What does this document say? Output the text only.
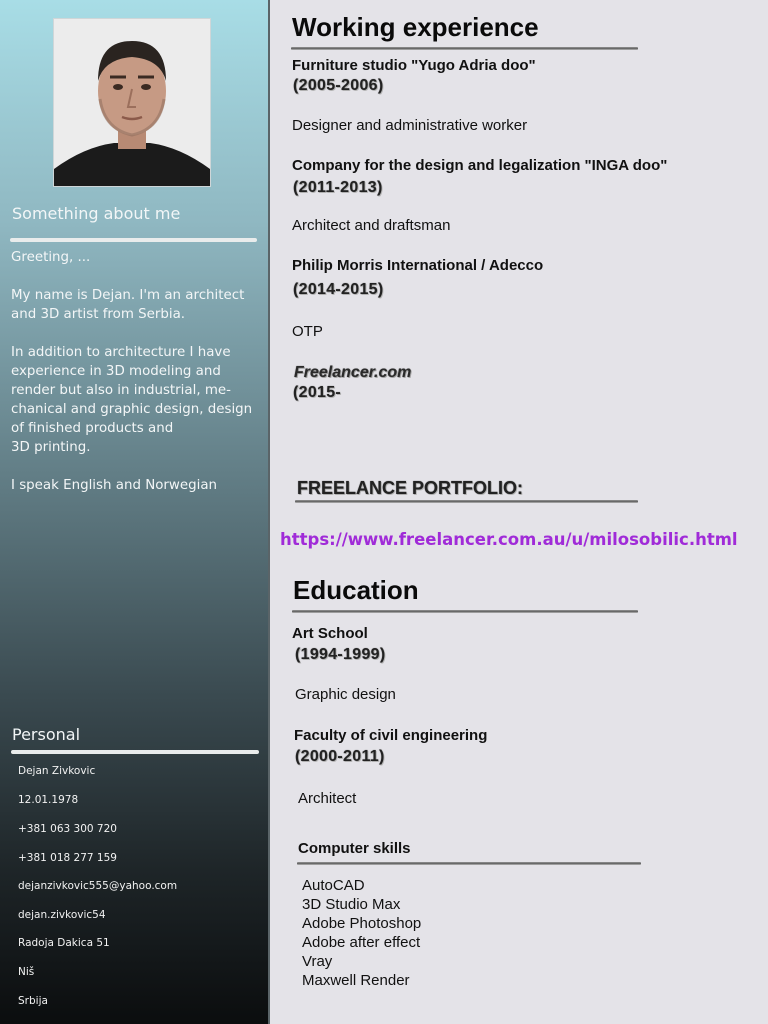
Something about me
Greeting, ...

My name is Dejan. I'm an architect
and 3D artist from Serbia.

In addition to architecture I have
experience in 3D modeling and
render but also in industrial, me-
chanical and graphic design, design
of finished products and
3D printing.

I speak English and Norwegian
Personal
Dejan Zivkovic
12.01.1978
+381 063 300 720
+381 018 277 159
dejanzivkovic555@yahoo.com
dejan.zivkovic54
Radoja Dakica 51
Niš
Srbija
Working experience
Furniture studio "Yugo Adria doo"
(2005-2006)
Designer and administrative worker
Company for the design and legalization "INGA doo"
(2011-2013)
Architect and draftsman
Philip Morris International / Adecco
(2014-2015)
OTP
Freelancer.com
(2015-
FREELANCE PORTFOLIO:
https://www.freelancer.com.au/u/milosobilic.html
Education
Art School
(1994-1999)
Graphic design
Faculty of civil engineering
(2000-2011)
Architect
Computer skills
AutoCAD
3D Studio Max
Adobe Photoshop
Adobe after effect
Vray
Maxwell Render
